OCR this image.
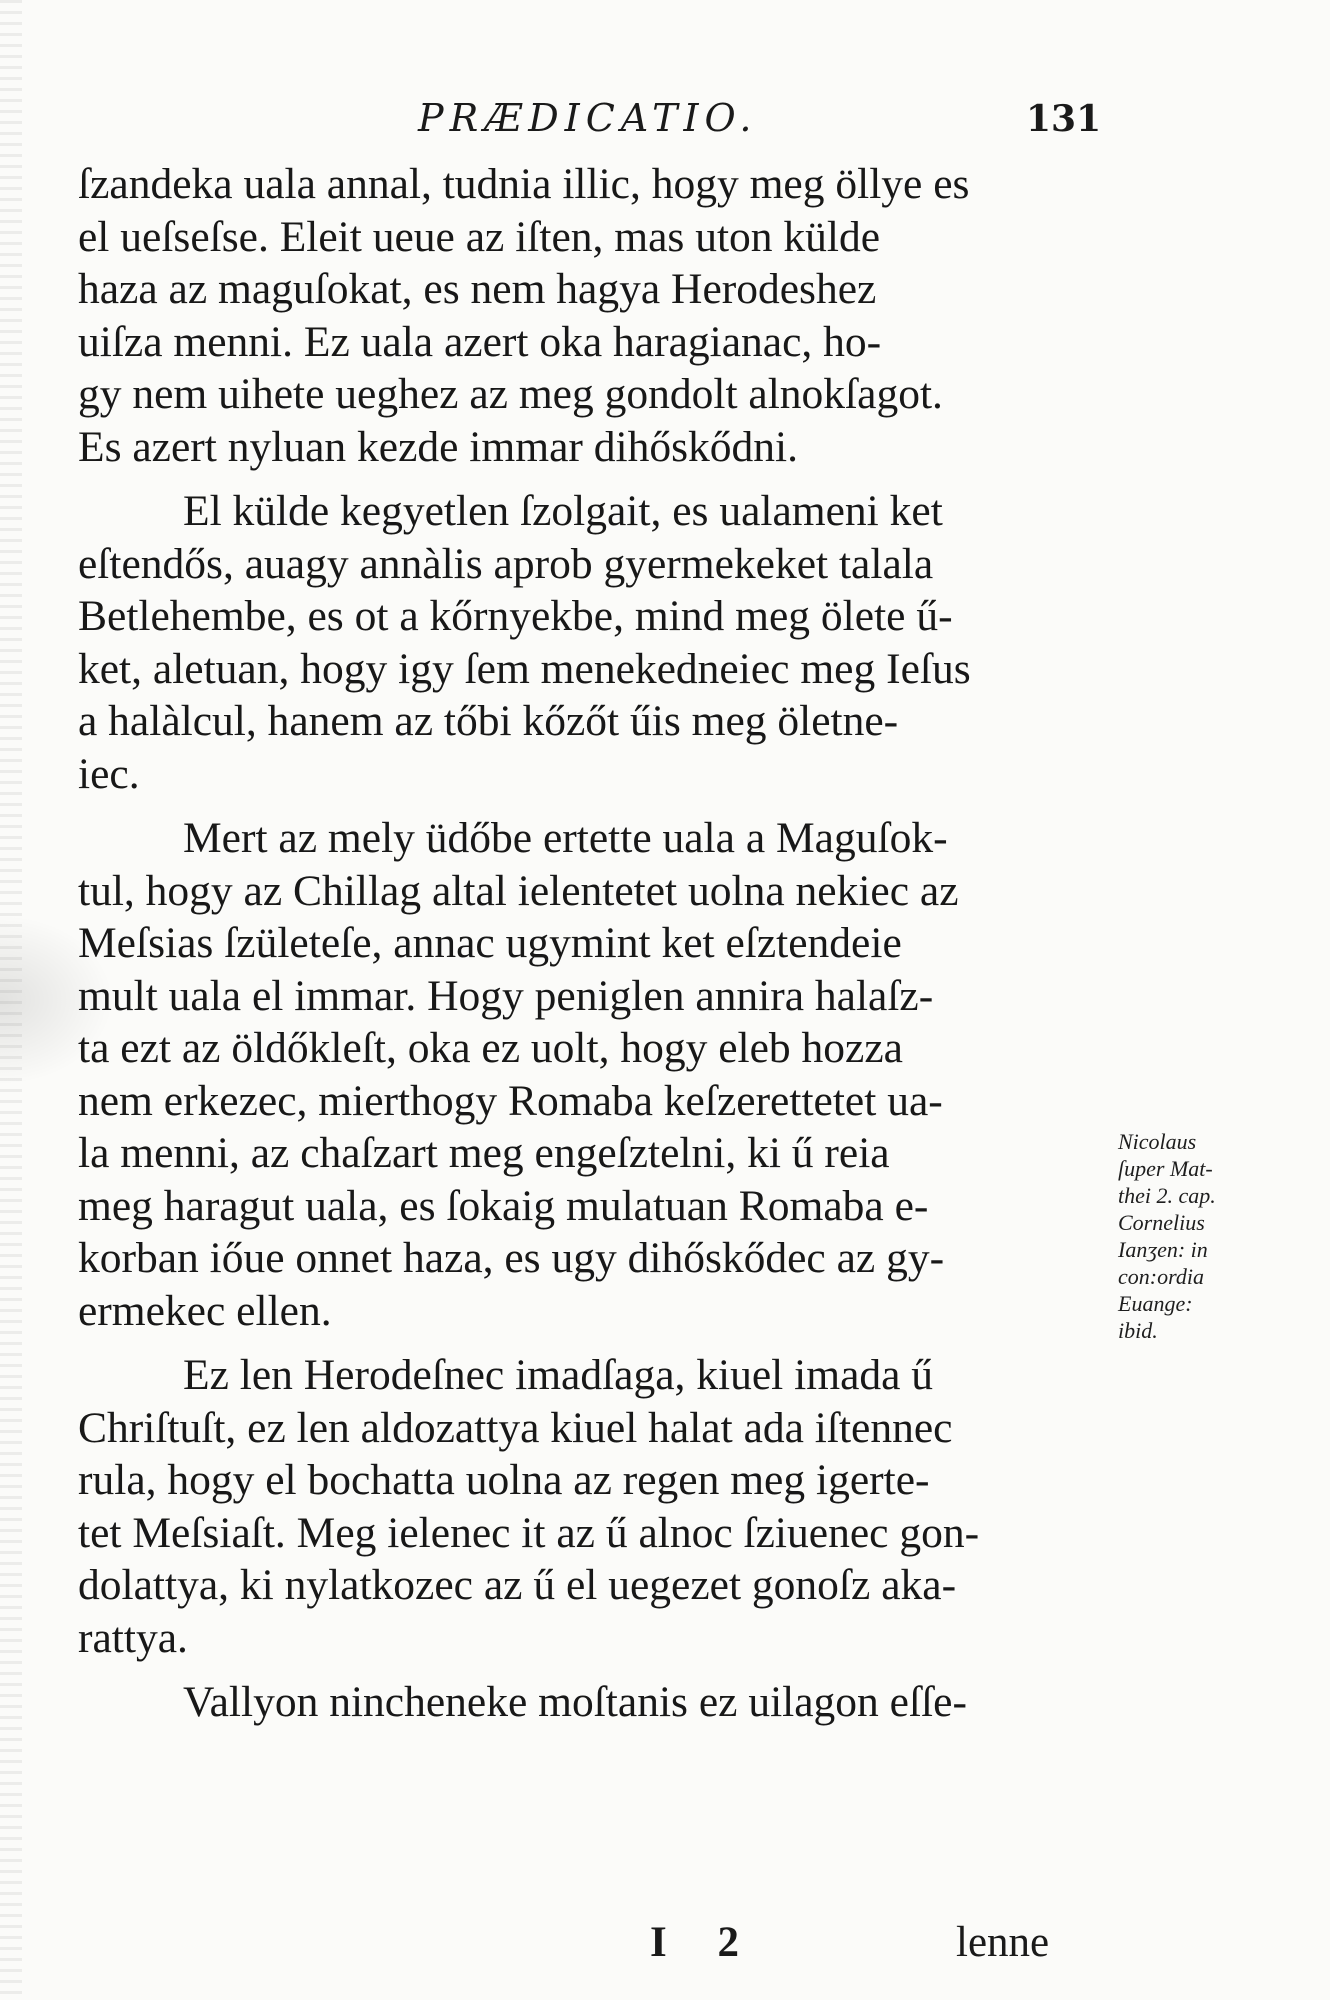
PRÆDICATIO.	131

ſzandeka uala annal, tudnia illic, hogy meg öllye es
el ueſseſse. Eleit ueue az iſten, mas uton külde
haza az maguſokat, es nem hagya Herodeshez
uiſza menni. Ez uala azert oka haragianac, ho-
gy nem uihete ueghez az meg gondolt alnokſagot.
Es azert nyluan kezde immar dihőskődni.

El külde kegyetlen ſzolgait, es ualameni ket
eſtendős, auagy annàlis aprob gyermekeket talala
Betlehembe, es ot a kőrnyekbe, mind meg ölete ű-
ket, aletuan, hogy igy ſem menekedneiec meg Ieſus
a halàlcul, hanem az tőbi kőzőt űis meg öletne-
iec.

Mert az mely üdőbe ertette uala a Maguſok-
tul, hogy az Chillag altal ielentetet uolna nekiec az
Meſsias ſzületeſe, annac ugymint ket eſztendeie
mult uala el immar. Hogy peniglen annira halaſz-
ta ezt az öldőkleſt, oka ez uolt, hogy eleb hozza
nem erkezec, mierthogy Romaba keſzerettetet ua-
la menni, az chaſzart meg engeſztelni, ki ű reia
meg haragut uala, es ſokaig mulatuan Romaba e-
korban iőue onnet haza, es ugy dihőskődec az gy-
ermekec ellen.

Ez len Herodeſnec imadſaga, kiuel imada ű
Chriſtuſt, ez len aldozattya kiuel halat ada iſtennec
rula, hogy el bochatta uolna az regen meg igerte-
tet Meſsiaſt. Meg ielenec it az ű alnoc ſziuenec gon-
dolattya, ki nylatkozec az ű el uegezet gonoſz aka-
rattya.

Vallyon nincheneke moſtanis ez uilagon eſſe-

Nicolaus
ſuper Mat-
thei 2. cap.
Cornelius
Ianʒen: in
con:ordia
Euange:
ibid.
I 2	lenne
